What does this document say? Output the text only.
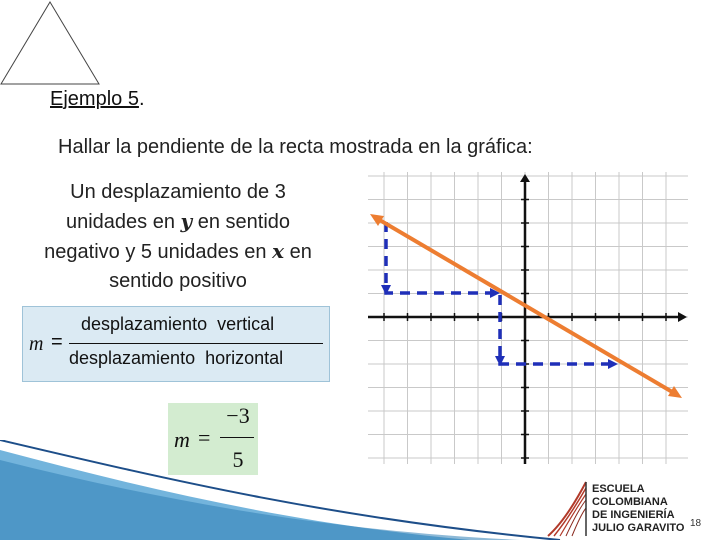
Ejemplo 5.
Hallar la pendiente de la recta mostrada en la gráfica:
Un desplazamiento de 3 unidades en y en sentido negativo y 5 unidades en x en sentido positivo
m =
desplazamiento  vertical
desplazamiento  horizontal
m =
−3
5
ESCUELA
COLOMBIANA
DE INGENIERÍA
JULIO GARAVITO 18
